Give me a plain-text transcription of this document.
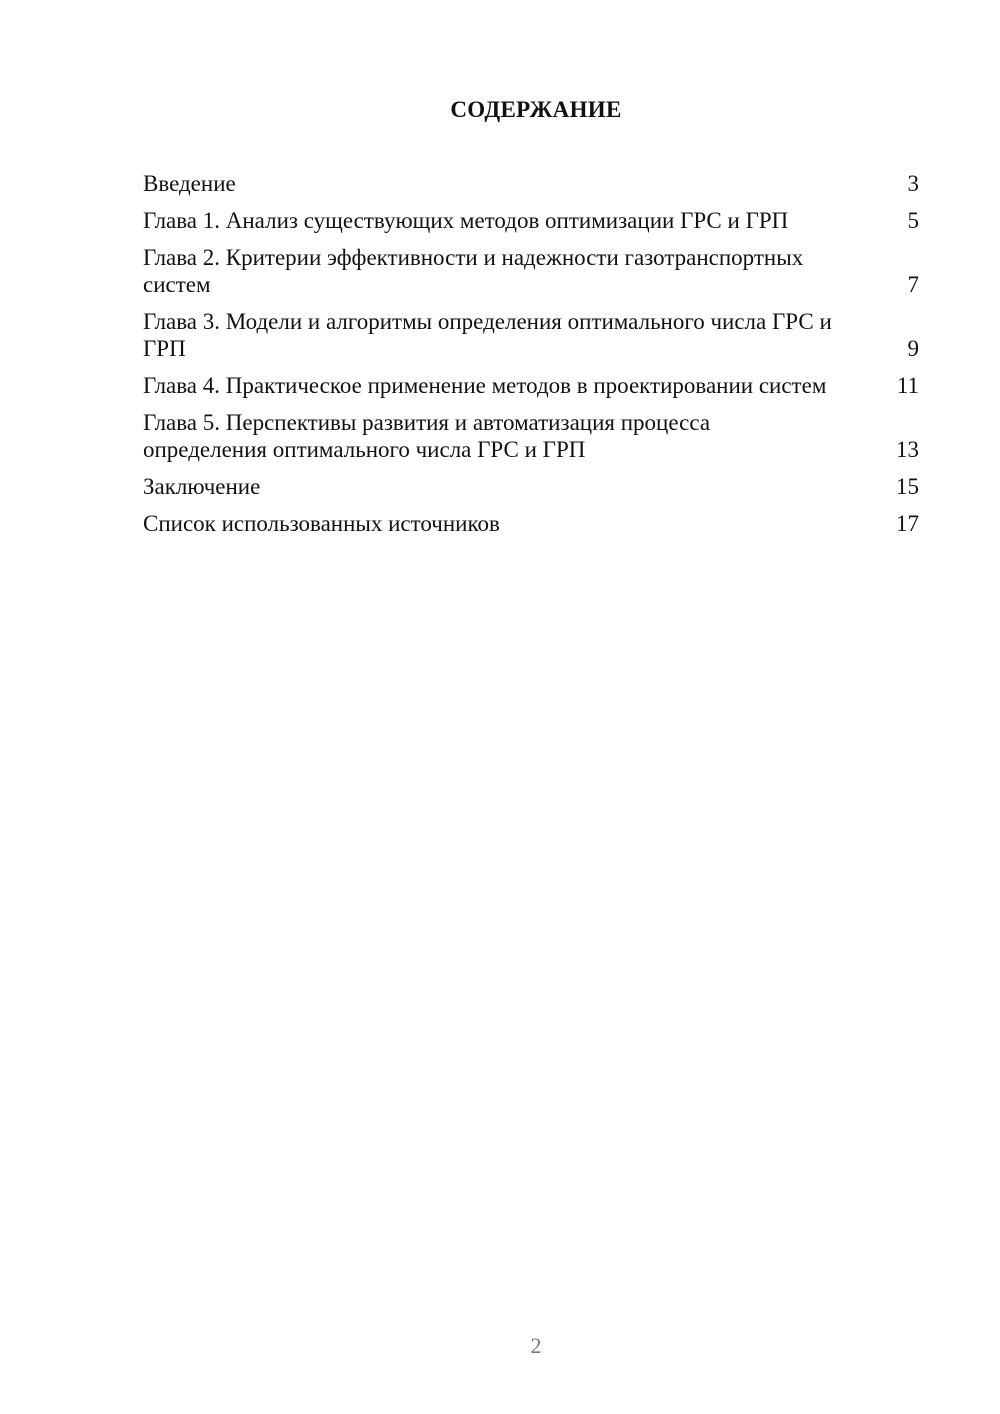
СОДЕРЖАНИЕ
Введение	3
Глава 1. Анализ существующих методов оптимизации ГРС и ГРП	5
Глава 2. Критерии эффективности и надежности газотранспортных систем	7
Глава 3. Модели и алгоритмы определения оптимального числа ГРС и ГРП	9
Глава 4. Практическое применение методов в проектировании систем	11
Глава 5. Перспективы развития и автоматизация процесса определения оптимального числа ГРС и ГРП	13
Заключение	15
Список использованных источников	17
2
